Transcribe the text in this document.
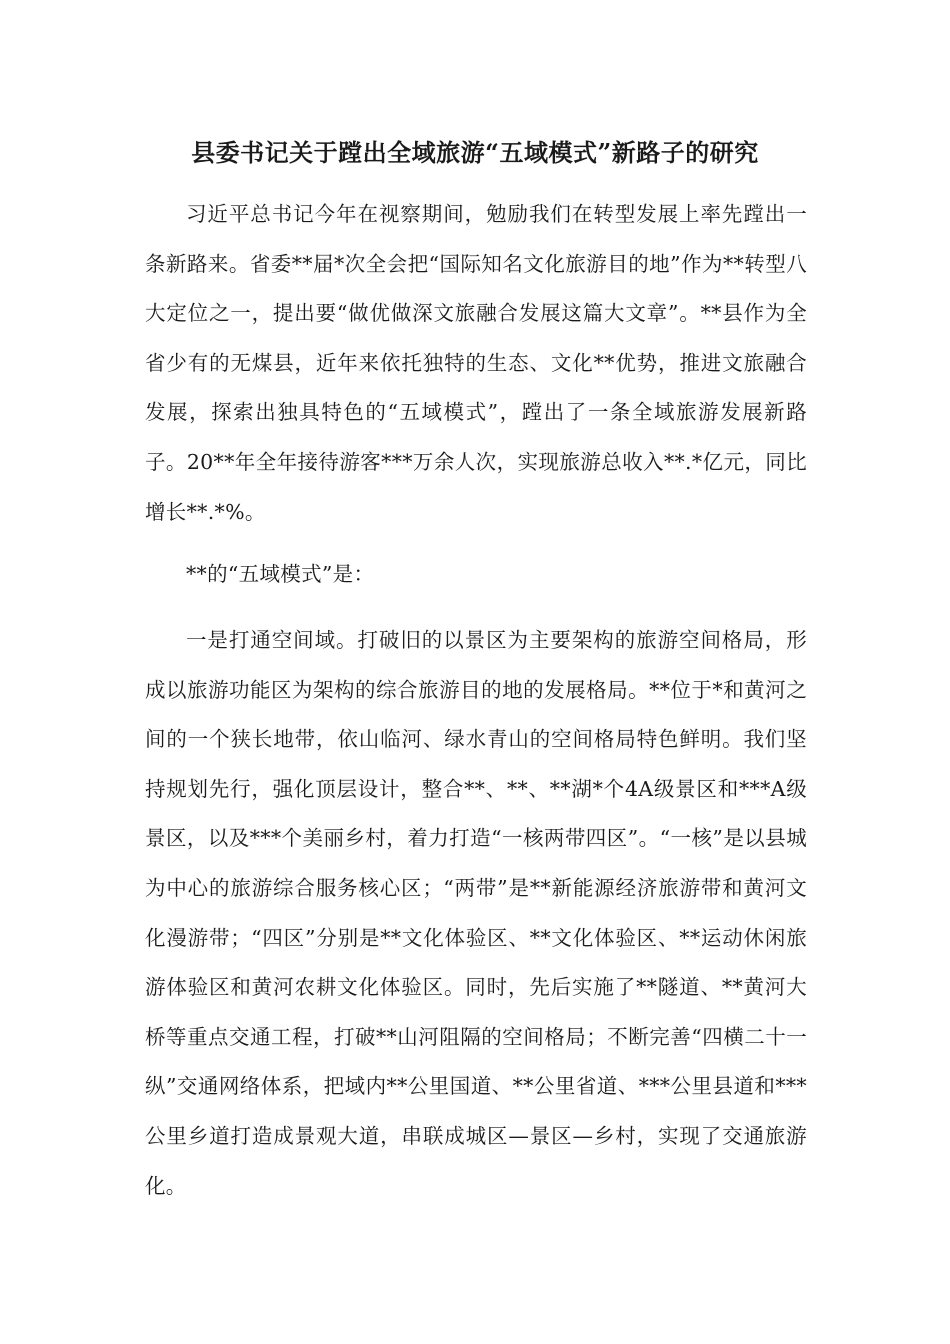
县委书记关于蹚出全域旅游“五域模式”新路子的研究

习近平总书记今年在视察期间，勉励我们在转型发展上率先蹚出一条新路来。省委**届*次全会把“国际知名文化旅游目的地”作为**转型八大定位之一，提出要“做优做深文旅融合发展这篇大文章”。**县作为全省少有的无煤县，近年来依托独特的生态、文化**优势，推进文旅融合发展，探索出独具特色的“五域模式”，蹚出了一条全域旅游发展新路子。20**年全年接待游客***万余人次，实现旅游总收入**.*亿元，同比增长**.*%。

**的“五域模式”是：

一是打通空间域。打破旧的以景区为主要架构的旅游空间格局，形成以旅游功能区为架构的综合旅游目的地的发展格局。**位于*和黄河之间的一个狭长地带，依山临河、绿水青山的空间格局特色鲜明。我们坚持规划先行，强化顶层设计，整合**、**、**湖*个4A级景区和***A级景区，以及***个美丽乡村，着力打造“一核两带四区”。“一核”是以县城为中心的旅游综合服务核心区；“两带”是**新能源经济旅游带和黄河文化漫游带；“四区”分别是**文化体验区、**文化体验区、**运动休闲旅游体验区和黄河农耕文化体验区。同时，先后实施了**隧道、**黄河大桥等重点交通工程，打破**山河阻隔的空间格局；不断完善“四横二十一纵”交通网络体系，把域内**公里国道、**公里省道、***公里县道和***公里乡道打造成景观大道，串联成城区—景区—乡村，实现了交通旅游化。
